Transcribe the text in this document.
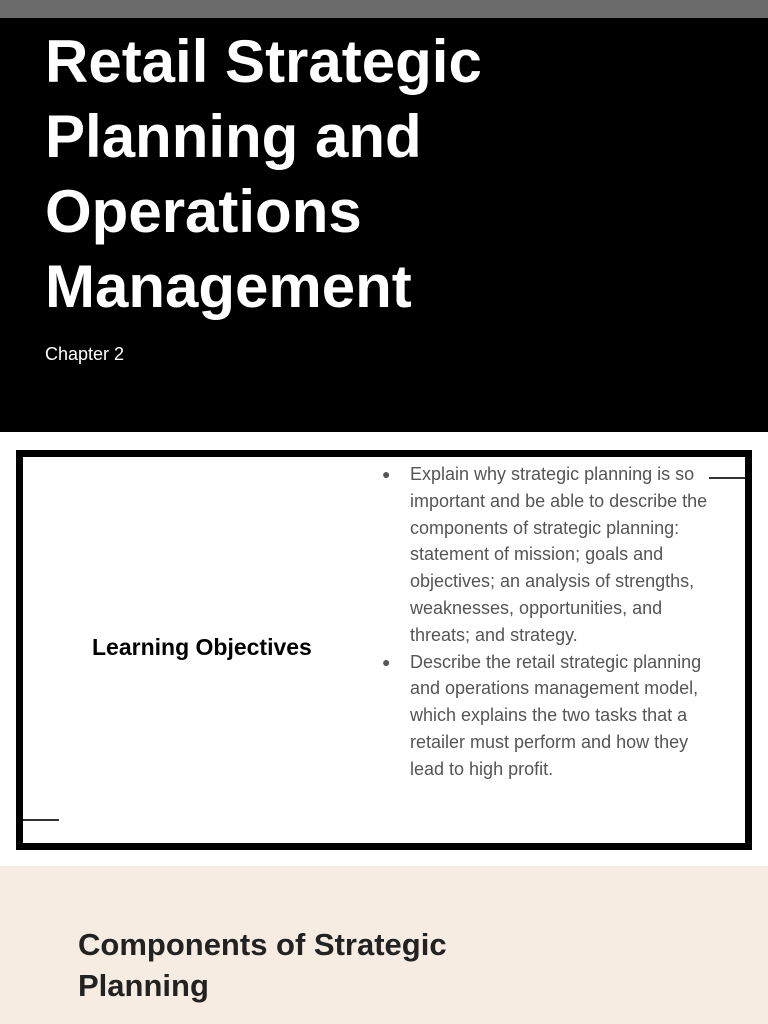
Retail Strategic Planning and Operations Management
Chapter 2
Learning Objectives
● Explain why strategic planning is so important and be able to describe the components of strategic planning: statement of mission; goals and objectives; an analysis of strengths, weaknesses, opportunities, and threats; and strategy.
● Describe the retail strategic planning and operations management model, which explains the two tasks that a retailer must perform and how they lead to high profit.
Components of Strategic Planning
